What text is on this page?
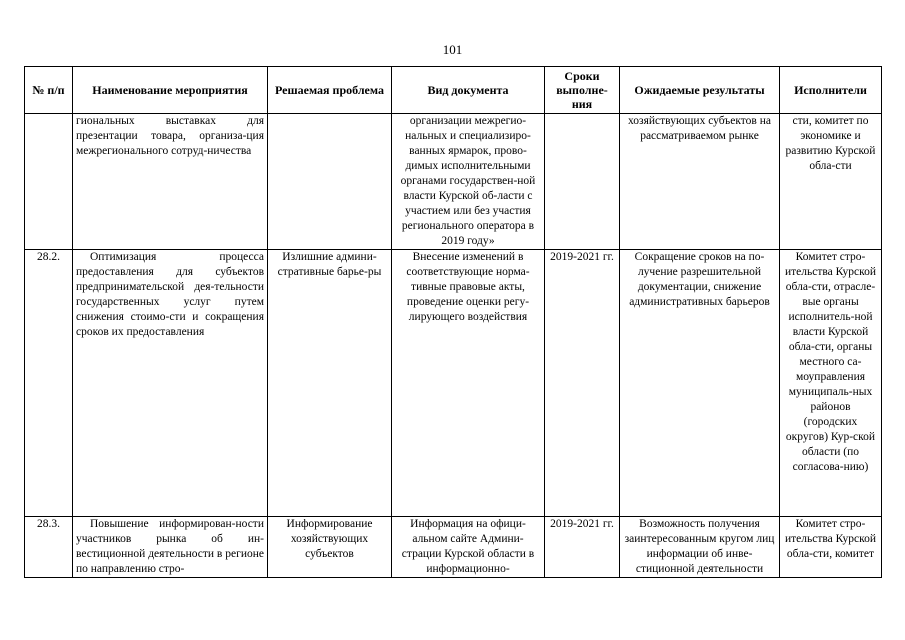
101
№ п/п	Наименование мероприятия	Решаемая проблема	Вид документа	Сроки выполне-ния	Ожидаемые результаты	Исполнители
	гиональных выставках для презентации товара, организа-ция межрегионального сотруд-ничества		организации межрегио-нальных и специализиро-ванных ярмарок, прово-димых исполнительными органами государствен-ной власти Курской об-ласти с участием или без участия регионального оператора в 2019 году»		хозяйствующих субъектов на рассматриваемом рынке	сти, комитет по экономике и развитию Курской обла-сти
28.2.	Оптимизация процесса предоставления для субъектов предпринимательской дея-тельности государственных услуг путем снижения стоимо-сти и сокращения сроков их предоставления	Излишние админи-стративные барье-ры	Внесение изменений в соответствующие норма-тивные правовые акты, проведение оценки регу-лирующего воздействия	2019-2021 гг.	Сокращение сроков на по-лучение разрешительной документации, снижение административных барьеров	Комитет стро-ительства Курской обла-сти, отрасле-вые органы исполнитель-ной власти Курской обла-сти, органы местного са-моуправления муниципаль-ных районов (городских округов) Кур-ской области (по согласова-нию)
28.3.	Повышение информирован-ности участников рынка об ин-вестиционной деятельности в регионе по направлению стро-	Информирование хозяйствующих субъектов	Информация на офици-альном сайте Админи-страции Курской области в информационно-	2019-2021 гг.	Возможность получения заинтересованным кругом лиц информации об инве-стиционной деятельности	Комитет стро-ительства Курской обла-сти, комитет
